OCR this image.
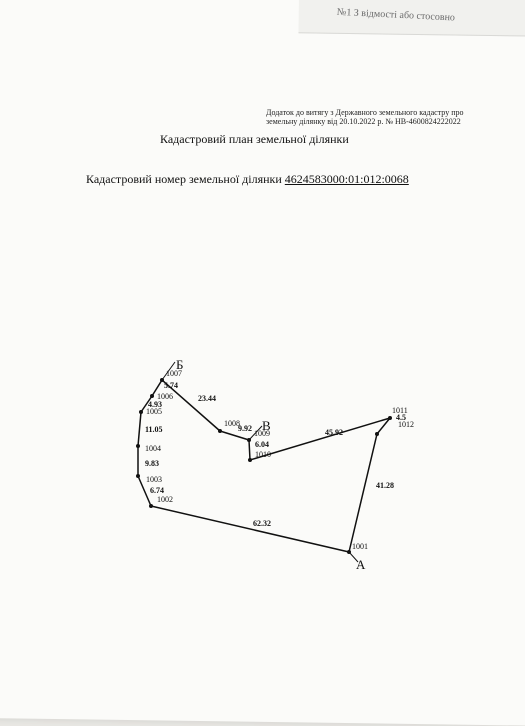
№1 З відмості або стосовно
Додаток до витягу з Державного земельного кадастру про земельну ділянку від 20.10.2022 р. № НВ-4600824222022
Кадастровий план земельної ділянки
Кадастровий номер земельної ділянки 4624583000:01:012:0068
1001
1002
1003
1004
1005
1006
1007
1008
1009
1010
1011
1012
62.32
6.74
9.83
11.05
4.93
5.74
23.44
9.92
6.04
45.92
4.5
41.28
Б
В
А
